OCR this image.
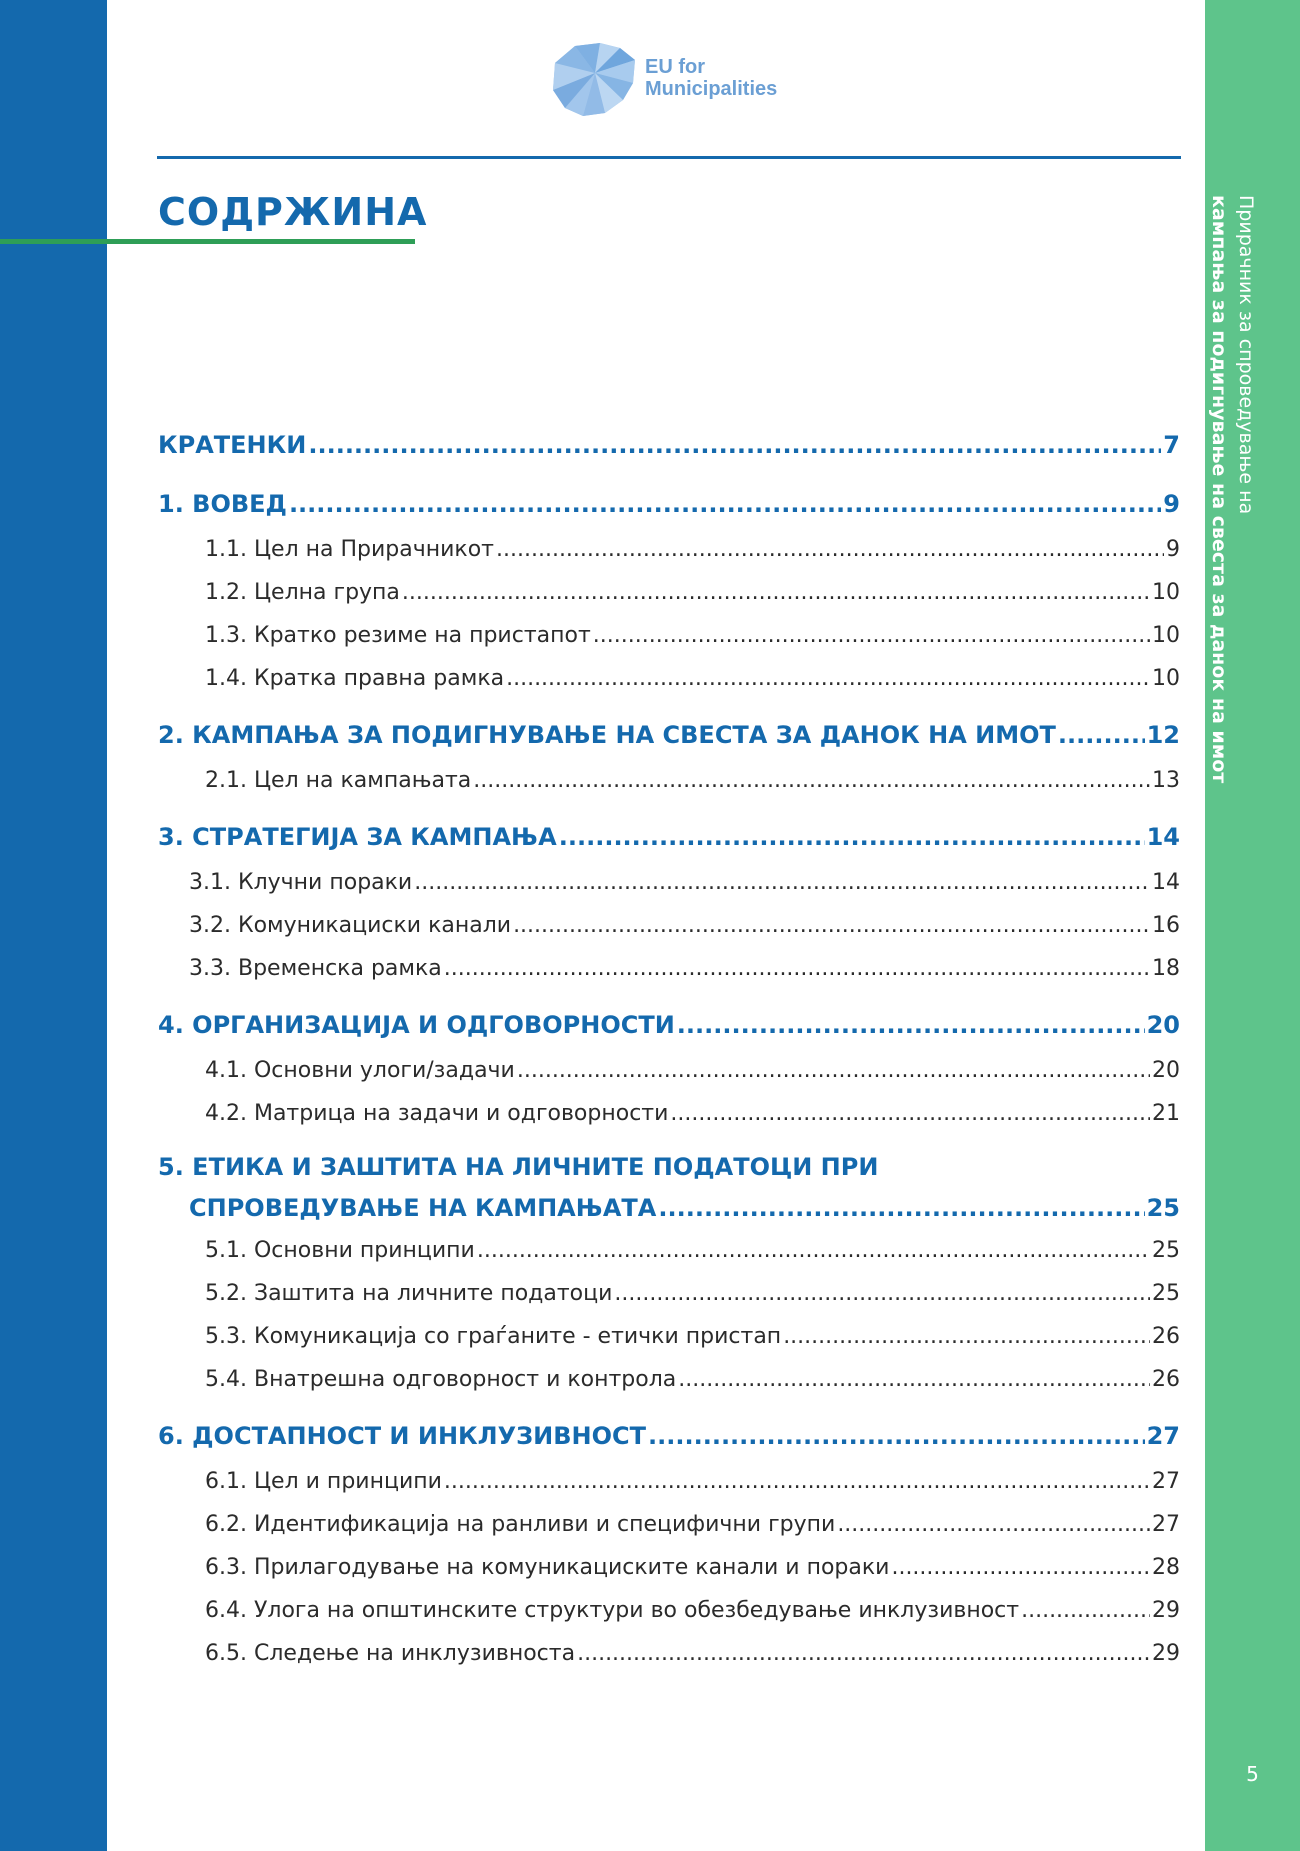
Прирачник за спроведување на
кампања за подигнување на свеста за данок на имот
5
EU for
Municipalities
СОДРЖИНА
КРАТЕНКИ .....	7
1. ВОВЕД .....	9
1.1. Цел на Прирачникот .....	9
1.2. Целна група .....	10
1.3. Кратко резиме на пристапот .....	10
1.4. Кратка правна рамка .....	10
2. КАМПАЊА ЗА ПОДИГНУВАЊЕ НА СВЕСТА ЗА ДАНОК НА ИМОТ .....	12
2.1. Цел на кампањата .....	13
3. СТРАТЕГИЈА ЗА КАМПАЊА .....	14
3.1. Клучни пораки .....	14
3.2. Комуникациски канали .....	16
3.3. Временска рамка .....	18
4. ОРГАНИЗАЦИЈА И ОДГОВОРНОСТИ .....	20
4.1. Основни улоги/задачи .....	20
4.2. Матрица на задачи и одговорности .....	21
5. ЕТИКА И ЗАШТИТА НА ЛИЧНИТЕ ПОДАТОЦИ ПРИ
СПРОВЕДУВАЊЕ НА КАМПАЊАТА .....	25
5.1. Основни принципи .....	25
5.2. Заштита на личните податоци .....	25
5.3. Комуникација со граѓаните - етички пристап .....	26
5.4. Внатрешна одговорност и контрола .....	26
6. ДОСТАПНОСТ И ИНКЛУЗИВНОСТ .....	27
6.1. Цел и принципи .....	27
6.2. Идентификација на ранливи и специфични групи .....	27
6.3. Прилагодување на комуникациските канали и пораки .....	28
6.4. Улога на општинските структури во обезбедување инклузивност .....	29
6.5. Следење на инклузивноста .....	29
